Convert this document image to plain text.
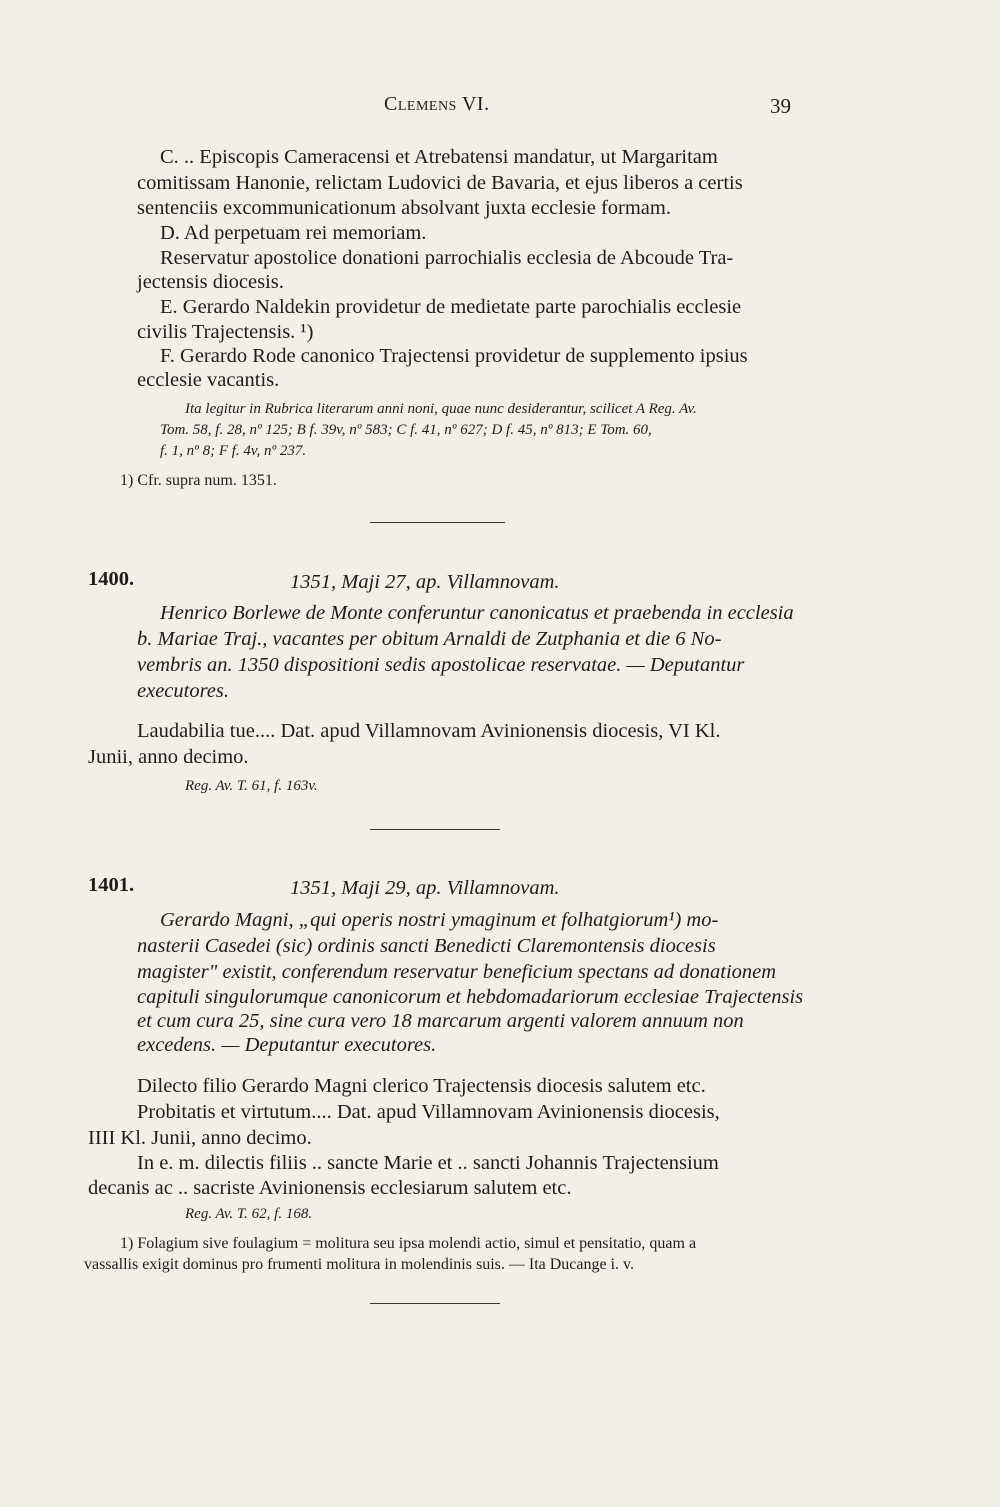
Clemens VI.	39
C. .. Episcopis Cameracensi et Atrebatensi mandatur, ut Margaritam
comitissam Hanonie, relictam Ludovici de Bavaria, et ejus liberos a certis
sentenciis excommunicationum absolvant juxta ecclesie formam.
D. Ad perpetuam rei memoriam.
Reservatur apostolice donationi parrochialis ecclesia de Abcoude Tra-
jectensis diocesis.
E. Gerardo Naldekin providetur de medietate parte parochialis ecclesie
civilis Trajectensis. ¹)
F. Gerardo Rode canonico Trajectensi providetur de supplemento ipsius
ecclesie vacantis.
Ita legitur in Rubrica literarum anni noni, quae nunc desiderantur, scilicet A Reg. Av.
Tom. 58, f. 28, nº 125; B f. 39v, nº 583; C f. 41, nº 627; D f. 45, nº 813; E Tom. 60,
f. 1, nº 8; F f. 4v, nº 237.
1) Cfr. supra num. 1351.
1400.	1351, Maji 27, ap. Villamnovam.
Henrico Borlewe de Monte conferuntur canonicatus et praebenda in ecclesia
b. Mariae Traj., vacantes per obitum Arnaldi de Zutphania et die 6 No-
vembris an. 1350 dispositioni sedis apostolicae reservatae. — Deputantur
executores.
Laudabilia tue.... Dat. apud Villamnovam Avinionensis diocesis, VI Kl.
Junii, anno decimo.
Reg. Av. T. 61, f. 163v.
1401.	1351, Maji 29, ap. Villamnovam.
Gerardo Magni, „qui operis nostri ymaginum et folhatgiorum¹) mo-
nasterii Casedei (sic) ordinis sancti Benedicti Claremontensis diocesis
magister" existit, conferendum reservatur beneficium spectans ad donationem
capituli singulorumque canonicorum et hebdomadariorum ecclesiae Trajectensis
et cum cura 25, sine cura vero 18 marcarum argenti valorem annuum non
excedens. — Deputantur executores.
Dilecto filio Gerardo Magni clerico Trajectensis diocesis salutem etc.
Probitatis et virtutum.... Dat. apud Villamnovam Avinionensis diocesis,
IIII Kl. Junii, anno decimo.
In e. m. dilectis filiis .. sancte Marie et .. sancti Johannis Trajectensium
decanis ac .. sacriste Avinionensis ecclesiarum salutem etc.
Reg. Av. T. 62, f. 168.
1) Folagium sive foulagium = molitura seu ipsa molendi actio, simul et pensitatio, quam a
vassallis exigit dominus pro frumenti molitura in molendinis suis. — Ita Ducange i. v.
